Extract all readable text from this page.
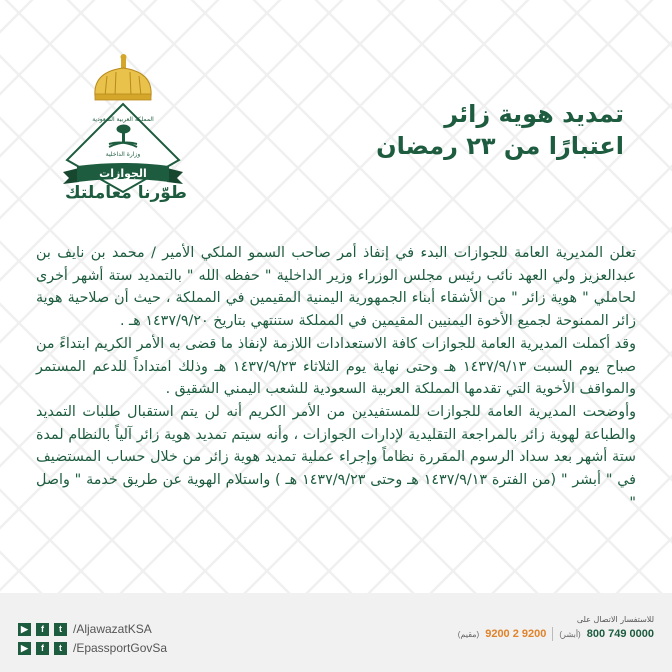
المملكة العربية السعودية
الجوازات
وزارة الداخلية
طوّرنا معاملتك
تمديد هوية زائر
اعتبارًا من ٢٣ رمضان

تعلن المديرية العامة للجوازات البدء في إنفاذ أمر صاحب السمو الملكي الأمير / محمد بن نايف بن عبدالعزيز ولي العهد نائب رئيس مجلس الوزراء وزير الداخلية " حفظه الله " بالتمديد ستة أشهر أخرى لحاملي " هوية زائر " من الأشقاء أبناء الجمهورية اليمنية المقيمين في المملكة ، حيث أن صلاحية هوية زائر الممنوحة لجميع الأخوة اليمنيين المقيمين في المملكة ستنتهي بتاريخ ١٤٣٧/٩/٢٠ هـ .

وقد أكملت المديرية العامة للجوازات كافة الاستعدادات اللازمة لإنفاذ ما قضى به الأمر الكريم ابتداءً من صباح يوم السبت ١٤٣٧/٩/١٣ هـ وحتى نهاية يوم الثلاثاء ١٤٣٧/٩/٢٣ هـ وذلك امتداداً للدعم المستمر والمواقف الأخوية التي تقدمها المملكة العربية السعودية للشعب اليمني الشقيق .

وأوضحت المديرية العامة للجوازات للمستفيدين من الأمر الكريم أنه لن يتم استقبال طلبات التمديد والطباعة لهوية زائر بالمراجعة التقليدية لإدارات الجوازات ، وأنه سيتم تمديد هوية زائر آلياً بالنظام لمدة ستة أشهر بعد سداد الرسوم المقررة نظاماً وإجراء عملية تمديد هوية زائر من خلال حساب المستضيف في " أبشر " (من الفترة ١٤٣٧/٩/١٣ هـ وحتى ١٤٣٧/٩/٢٣ هـ ) واستلام الهوية عن طريق خدمة " واصل "

▶	f	t /AljawazatKSA
▶	f	t /EpassportGovSa
للاستفسار الاتصال على
(مقيم) 9200 2 9200 (أبشر) 800 749 0000
